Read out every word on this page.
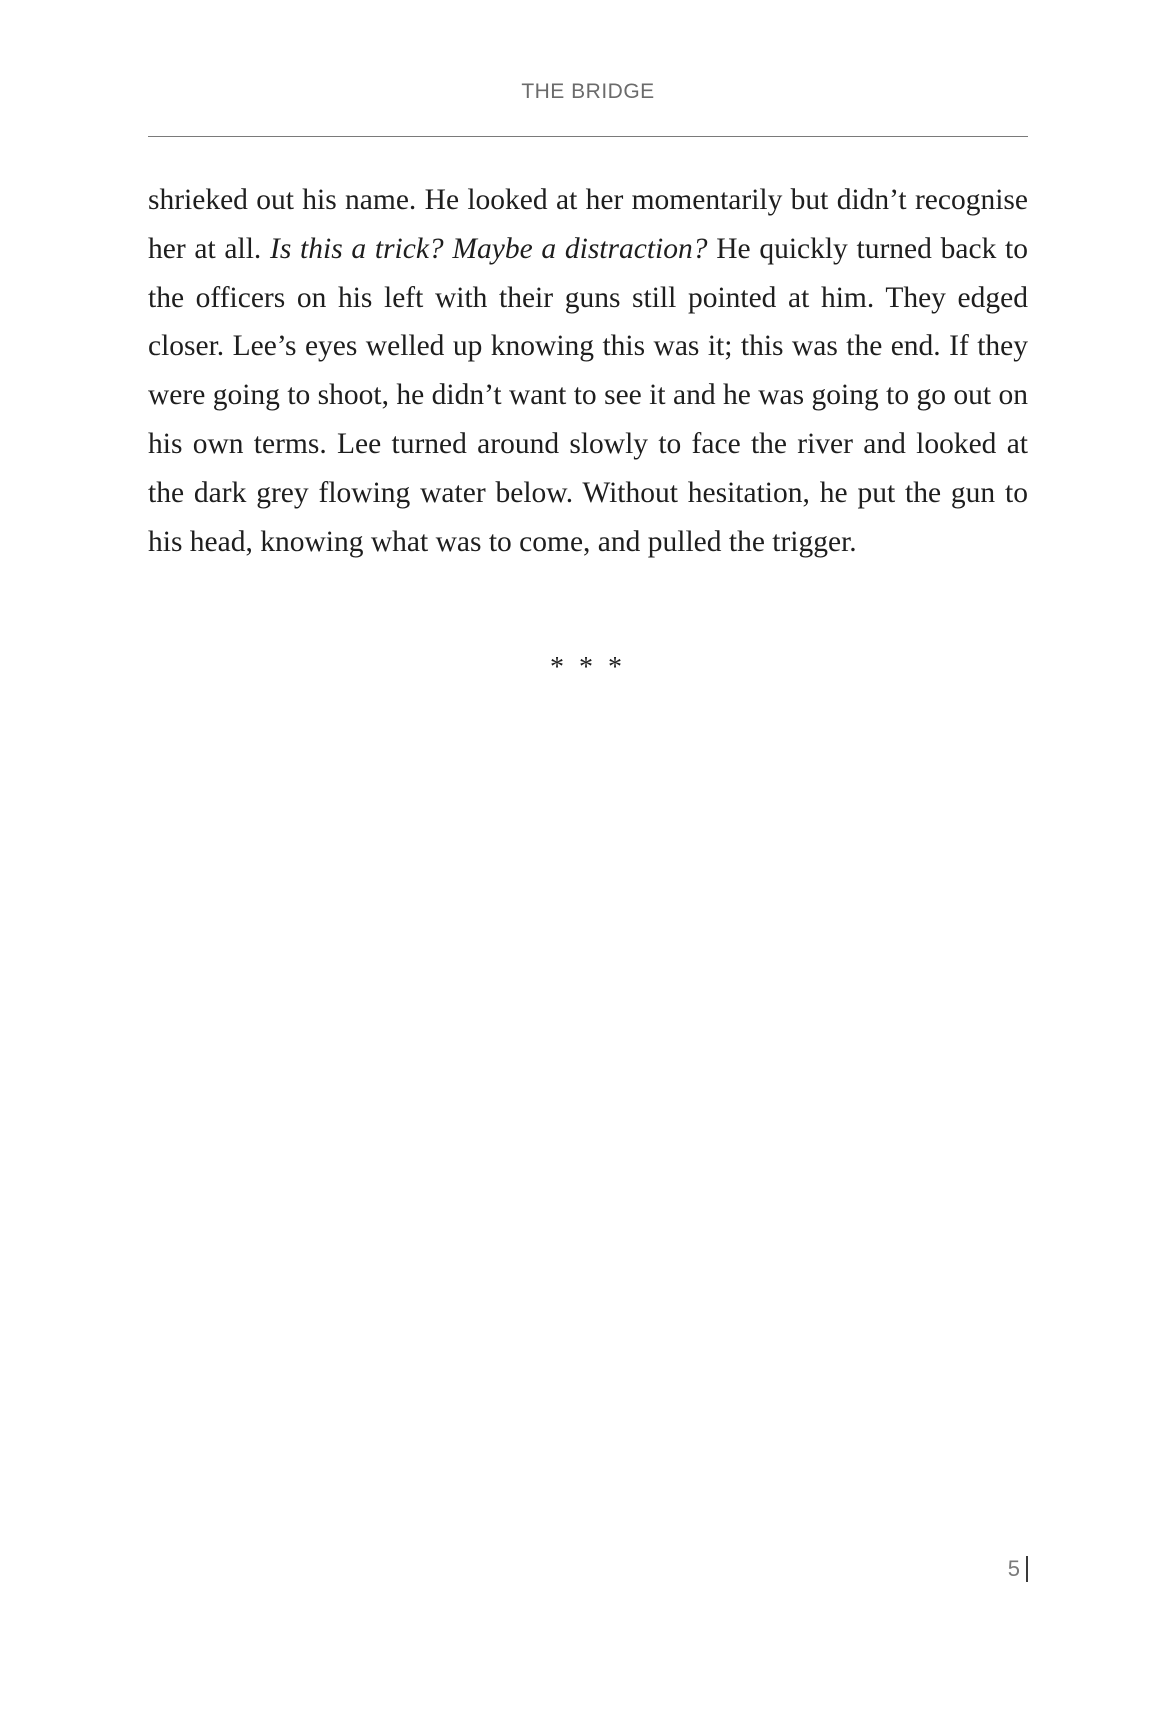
THE BRIDGE

shrieked out his name. He looked at her momentarily but didn’t recognise her at all. Is this a trick? Maybe a distraction? He quickly turned back to the officers on his left with their guns still pointed at him. They edged closer. Lee’s eyes welled up knowing this was it; this was the end. If they were going to shoot, he didn’t want to see it and he was going to go out on his own terms. Lee turned around slowly to face the river and looked at the dark grey flowing water below. Without hesitation, he put the gun to his head, knowing what was to come, and pulled the trigger.

* * *
5
